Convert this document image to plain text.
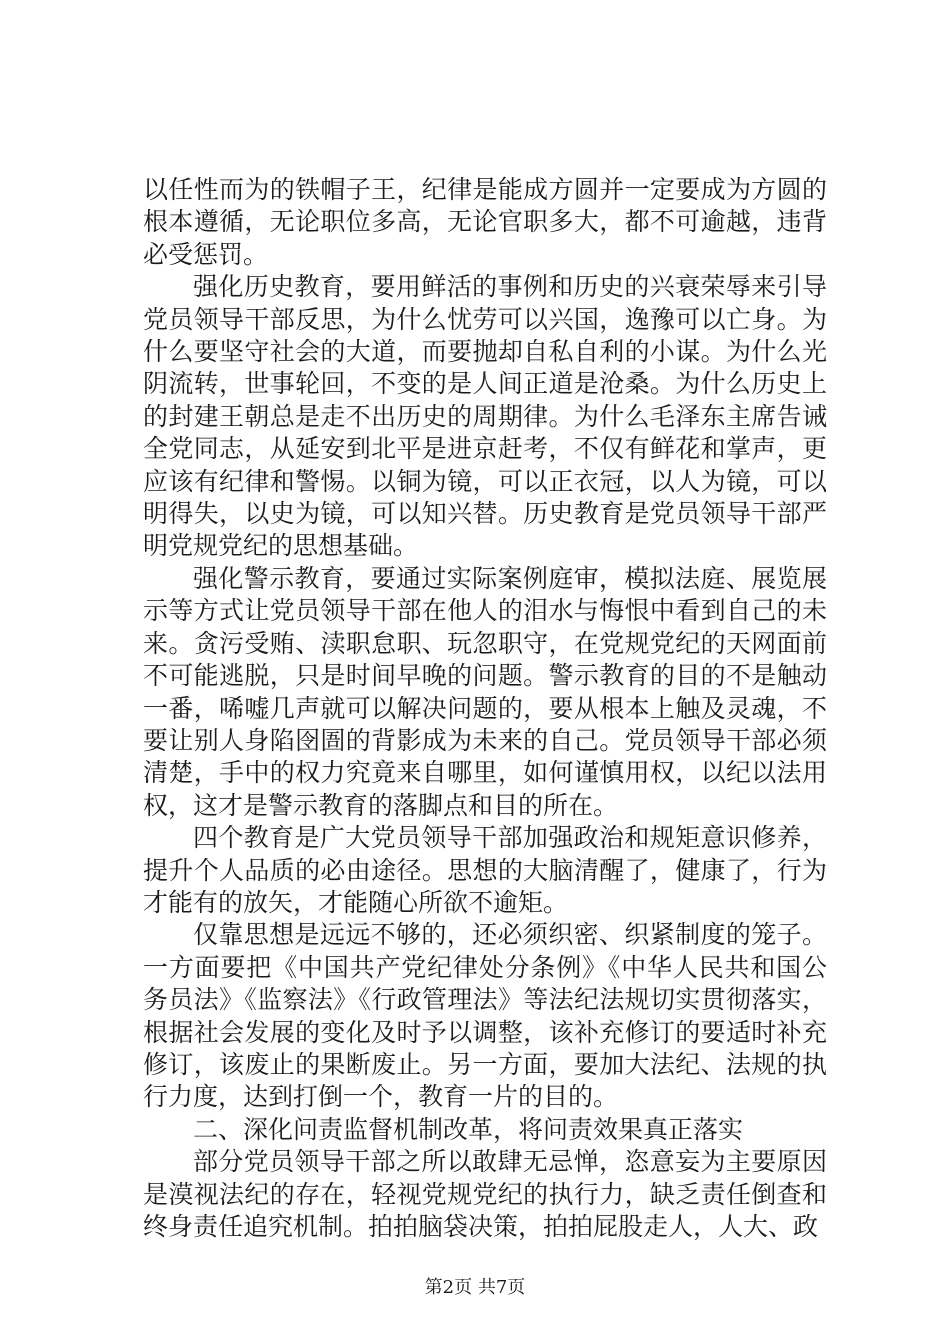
以任性而为的铁帽子王，纪律是能成方圆并一定要成为方圆的根本遵循，无论职位多高，无论官职多大，都不可逾越，违背必受惩罚。

强化历史教育，要用鲜活的事例和历史的兴衰荣辱来引导党员领导干部反思，为什么忧劳可以兴国，逸豫可以亡身。为什么要坚守社会的大道，而要抛却自私自利的小谋。为什么光阴流转，世事轮回，不变的是人间正道是沧桑。为什么历史上的封建王朝总是走不出历史的周期律。为什么毛泽东主席告诫全党同志，从延安到北平是进京赶考，不仅有鲜花和掌声，更应该有纪律和警惕。以铜为镜，可以正衣冠，以人为镜，可以明得失，以史为镜，可以知兴替。历史教育是党员领导干部严明党规党纪的思想基础。

强化警示教育，要通过实际案例庭审，模拟法庭、展览展示等方式让党员领导干部在他人的泪水与悔恨中看到自己的未来。贪污受贿、渎职怠职、玩忽职守，在党规党纪的天网面前不可能逃脱，只是时间早晚的问题。警示教育的目的不是触动一番，唏嘘几声就可以解决问题的，要从根本上触及灵魂，不要让别人身陷囹圄的背影成为未来的自己。党员领导干部必须清楚，手中的权力究竟来自哪里，如何谨慎用权，以纪以法用权，这才是警示教育的落脚点和目的所在。

四个教育是广大党员领导干部加强政治和规矩意识修养，提升个人品质的必由途径。思想的大脑清醒了，健康了，行为才能有的放矢，才能随心所欲不逾矩。

仅靠思想是远远不够的，还必须织密、织紧制度的笼子。一方面要把《中国共产党纪律处分条例》《中华人民共和国公务员法》《监察法》《行政管理法》等法纪法规切实贯彻落实，根据社会发展的变化及时予以调整，该补充修订的要适时补充修订，该废止的果断废止。另一方面，要加大法纪、法规的执行力度，达到打倒一个，教育一片的目的。

二、深化问责监督机制改革，将问责效果真正落实

部分党员领导干部之所以敢肆无忌惮，恣意妄为主要原因是漠视法纪的存在，轻视党规党纪的执行力，缺乏责任倒查和终身责任追究机制。拍拍脑袋决策，拍拍屁股走人，人大、政

第2页 共7页
